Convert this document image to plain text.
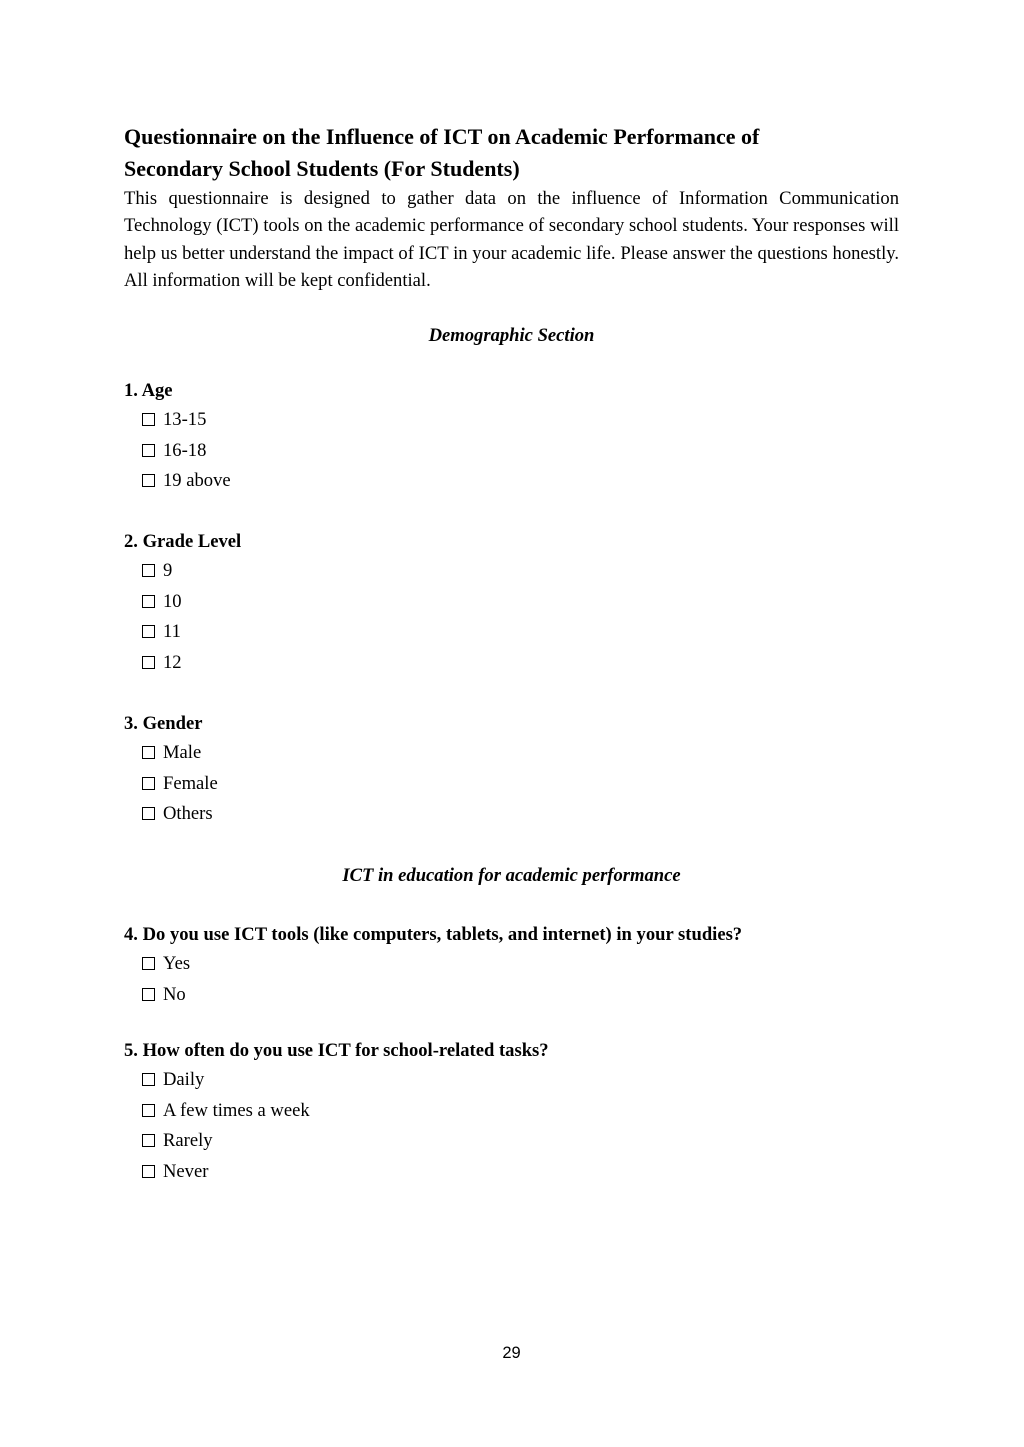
Questionnaire on the Influence of ICT on Academic Performance of
Secondary School Students (For Students)

This questionnaire is designed to gather data on the influence of Information Communication Technology (ICT) tools on the academic performance of secondary school students. Your responses will help us better understand the impact of ICT in your academic life. Please answer the questions honestly. All information will be kept confidential.

Demographic Section

1. Age

13-15
16-18
19 above

2. Grade Level

9
10
11
12

3. Gender

Male
Female
Others

ICT in education for academic performance

4. Do you use ICT tools (like computers, tablets, and internet) in your studies?

Yes
No

5. How often do you use ICT for school-related tasks?

Daily
A few times a week
Rarely
Never

29
